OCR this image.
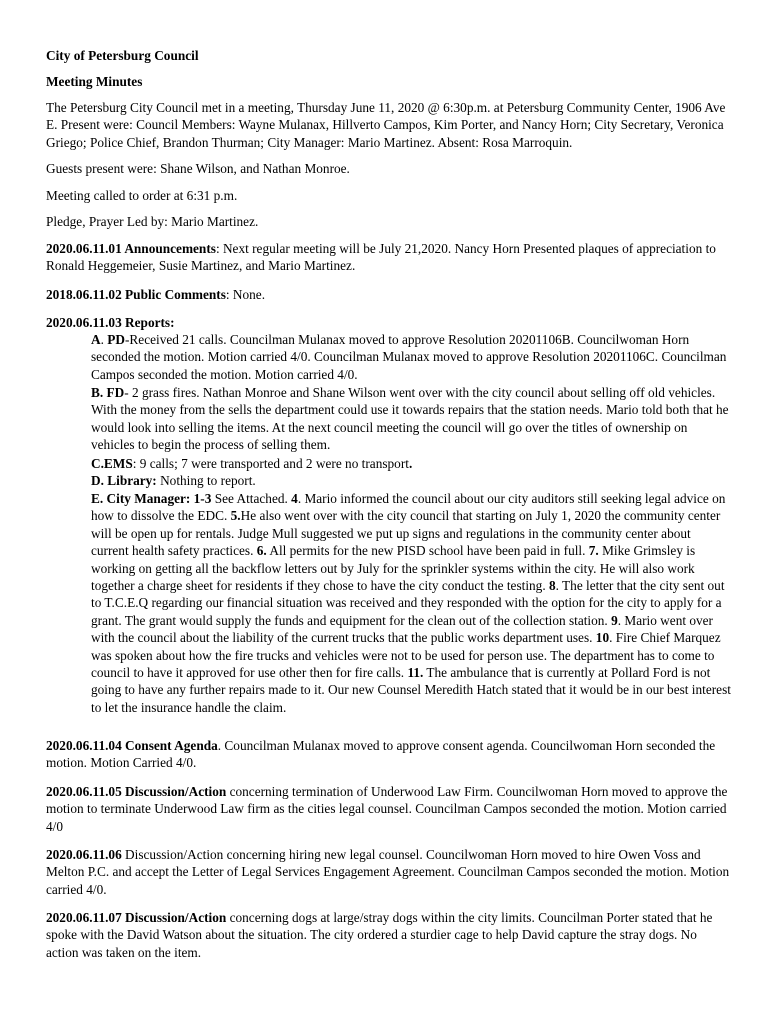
City of Petersburg Council

Meeting Minutes

The Petersburg City Council met in a meeting, Thursday June 11, 2020 @ 6:30p.m. at Petersburg Community Center, 1906 Ave E. Present were: Council Members: Wayne Mulanax, Hillverto Campos, Kim Porter, and Nancy Horn; City Secretary, Veronica Griego; Police Chief, Brandon Thurman; City Manager: Mario Martinez. Absent: Rosa Marroquin.

Guests present were: Shane Wilson, and Nathan Monroe.

Meeting called to order at 6:31 p.m.

Pledge, Prayer Led by: Mario Martinez.

2020.06.11.01 Announcements: Next regular meeting will be July 21,2020. Nancy Horn Presented plaques of appreciation to Ronald Heggemeier, Susie Martinez, and Mario Martinez.

2018.06.11.02 Public Comments: None.

2020.06.11.03 Reports:

A. PD-Received 21 calls. Councilman Mulanax moved to approve Resolution 20201106B. Councilwoman Horn seconded the motion. Motion carried 4/0. Councilman Mulanax moved to approve Resolution 20201106C. Councilman Campos seconded the motion. Motion carried 4/0.

B. FD- 2 grass fires. Nathan Monroe and Shane Wilson went over with the city council about selling off old vehicles. With the money from the sells the department could use it towards repairs that the station needs. Mario told both that he would look into selling the items. At the next council meeting the council will go over the titles of ownership on vehicles to begin the process of selling them.

C.EMS: 9 calls; 7 were transported and 2 were no transport.

D. Library: Nothing to report.

E. City Manager: 1-3 See Attached. 4. Mario informed the council about our city auditors still seeking legal advice on how to dissolve the EDC. 5.He also went over with the city council that starting on July 1, 2020 the community center will be open up for rentals. Judge Mull suggested we put up signs and regulations in the community center about current health safety practices. 6. All permits for the new PISD school have been paid in full. 7. Mike Grimsley is working on getting all the backflow letters out by July for the sprinkler systems within the city. He will also work together a charge sheet for residents if they chose to have the city conduct the testing. 8. The letter that the city sent out to T.C.E.Q regarding our financial situation was received and they responded with the option for the city to apply for a grant. The grant would supply the funds and equipment for the clean out of the collection station. 9. Mario went over with the council about the liability of the current trucks that the public works department uses. 10. Fire Chief Marquez was spoken about how the fire trucks and vehicles were not to be used for person use. The department has to come to council to have it approved for use other then for fire calls. 11. The ambulance that is currently at Pollard Ford is not going to have any further repairs made to it. Our new Counsel Meredith Hatch stated that it would be in our best interest to let the insurance handle the claim.

2020.06.11.04 Consent Agenda. Councilman Mulanax moved to approve consent agenda. Councilwoman Horn seconded the motion. Motion Carried 4/0.

2020.06.11.05 Discussion/Action concerning termination of Underwood Law Firm. Councilwoman Horn moved to approve the motion to terminate Underwood Law firm as the cities legal counsel. Councilman Campos seconded the motion. Motion carried 4/0

2020.06.11.06 Discussion/Action concerning hiring new legal counsel. Councilwoman Horn moved to hire Owen Voss and Melton P.C. and accept the Letter of Legal Services Engagement Agreement. Councilman Campos seconded the motion. Motion carried 4/0.

2020.06.11.07 Discussion/Action concerning dogs at large/stray dogs within the city limits. Councilman Porter stated that he spoke with the David Watson about the situation. The city ordered a sturdier cage to help David capture the stray dogs. No action was taken on the item.
